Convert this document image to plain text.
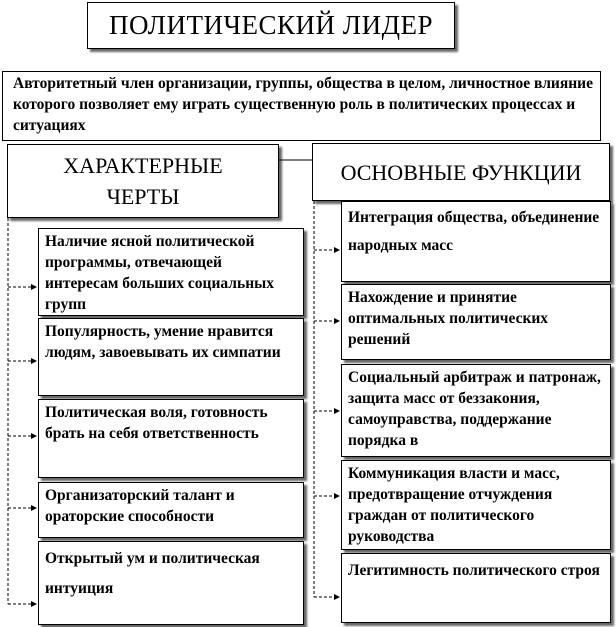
ПОЛИТИЧЕСКИЙ ЛИДЕР
Авторитетный член организации, группы, общества в целом, личностное влияние которого позволяет ему играть существенную роль в политических процессах и ситуациях
ХАРАКТЕРНЫЕ ЧЕРТЫ
ОСНОВНЫЕ ФУНКЦИИ
Наличие ясной политической программы, отвечающей интересам больших социальных групп
Популярность, умение нравится людям, завоевывать их симпатии
Политическая воля, готовность брать на себя ответственность
Организаторский талант и ораторские способности
Открытый ум и политическая интуиция
Интеграция общества, объединение народных масс
Нахождение и принятие оптимальных политических решений
Социальный арбитраж и патронаж, защита масс от беззакония, самоуправства, поддержание порядка в
Коммуникация власти и масс, предотвращение отчуждения граждан от политического руководства
Легитимность политического строя
